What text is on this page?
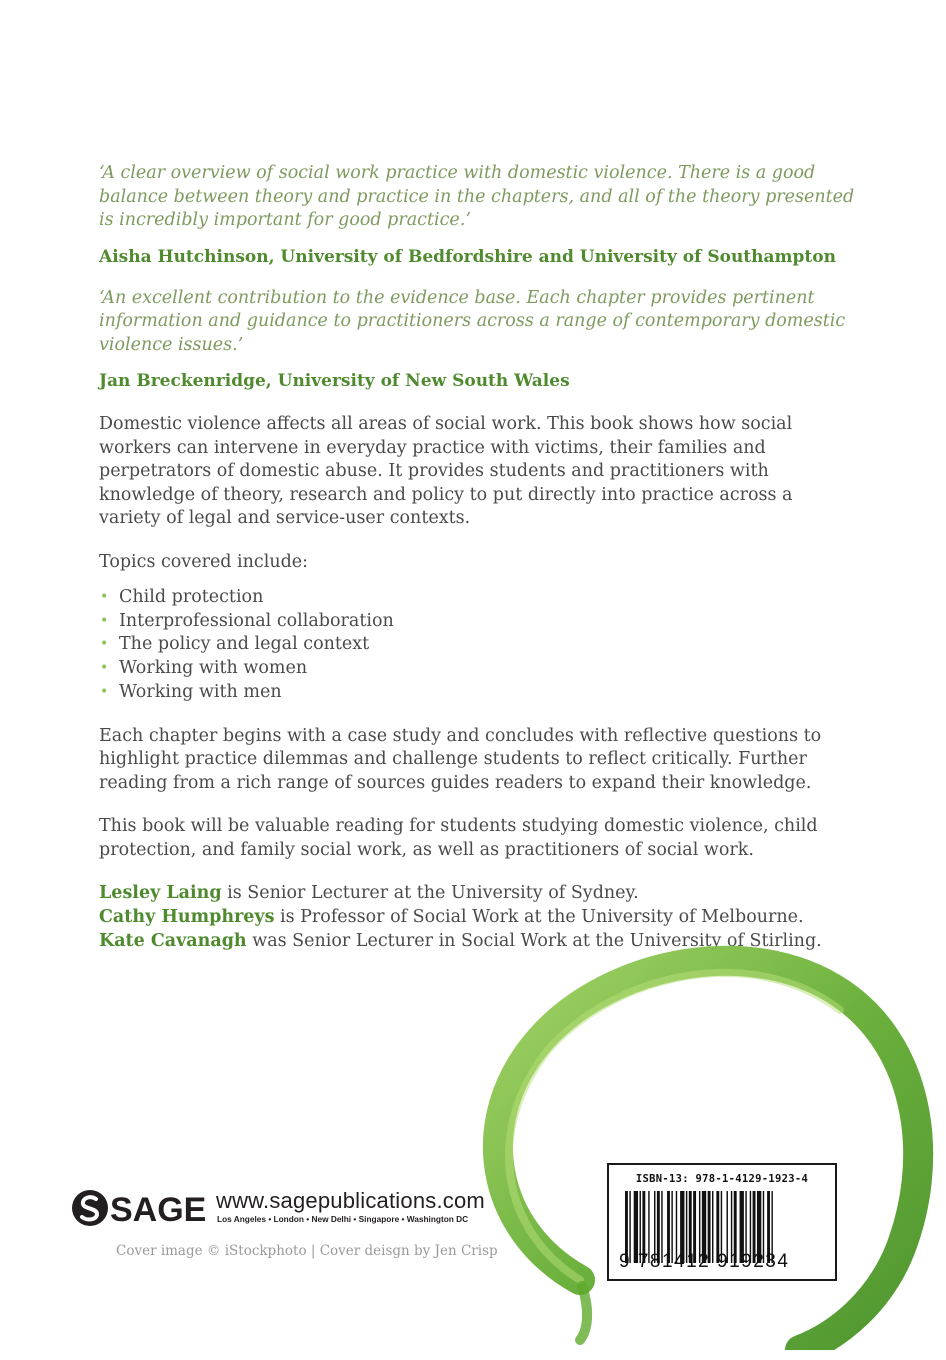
‘A clear overview of social work practice with domestic violence. There is a good balance between theory and practice in the chapters, and all of the theory presented is incredibly important for good practice.’

Aisha Hutchinson, University of Bedfordshire and University of Southampton

‘An excellent contribution to the evidence base. Each chapter provides pertinent information and guidance to practitioners across a range of contemporary domestic violence issues.’

Jan Breckenridge, University of New South Wales

Domestic violence affects all areas of social work. This book shows how social workers can intervene in everyday practice with victims, their families and perpetrators of domestic abuse. It provides students and practitioners with knowledge of theory, research and policy to put directly into practice across a variety of legal and service-user contexts.

Topics covered include:

• Child protection
• Interprofessional collaboration
• The policy and legal context
• Working with women
• Working with men

Each chapter begins with a case study and concludes with reflective questions to highlight practice dilemmas and challenge students to reflect critically. Further reading from a rich range of sources guides readers to expand their knowledge.

This book will be valuable reading for students studying domestic violence, child protection, and family social work, as well as practitioners of social work.

Lesley Laing is Senior Lecturer at the University of Sydney.
Cathy Humphreys is Professor of Social Work at the University of Melbourne.
Kate Cavanagh was Senior Lecturer in Social Work at the University of Stirling.
SAGE www.sagepublications.com
Los Angeles • London • New Delhi • Singapore • Washington DC
Cover image © iStockphoto | Cover deisgn by Jen Crisp
ISBN-13: 978-1-4129-1923-4
9 781412 919234
